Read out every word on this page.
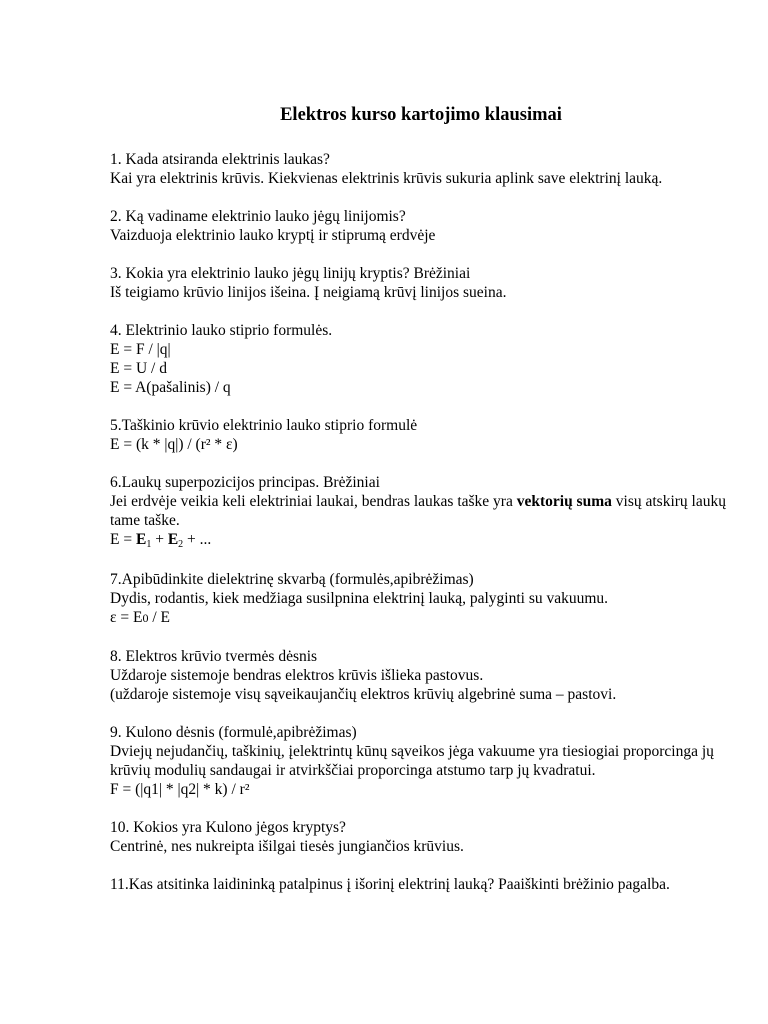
Elektros kurso kartojimo klausimai

1. Kada atsiranda elektrinis laukas?

Kai yra elektrinis krūvis. Kiekvienas elektrinis krūvis sukuria aplink save elektrinį lauką.

2. Ką vadiname elektrinio lauko jėgų linijomis?

Vaizduoja elektrinio lauko kryptį ir stiprumą erdvėje

3. Kokia yra elektrinio lauko jėgų linijų kryptis? Brėžiniai

Iš teigiamo krūvio linijos išeina. Į neigiamą krūvį linijos sueina.

4. Elektrinio lauko stiprio formulės.

E = F / |q|

E = U / d

E = A(pašalinis) / q

5.Taškinio krūvio elektrinio lauko stiprio formulė

E = (k * |q|) / (r² * ε)

6.Laukų superpozicijos principas. Brėžiniai

Jei erdvėje veikia keli elektriniai laukai, bendras laukas taške yra vektorių suma visų atskirų laukų tame taške.

E = E1 + E2 + ...

7.Apibūdinkite dielektrinę skvarbą (formulės,apibrėžimas)

Dydis, rodantis, kiek medžiaga susilpnina elektrinį lauką, palyginti su vakuumu.

ε = E0 / E

8. Elektros krūvio tvermės dėsnis

Uždaroje sistemoje bendras elektros krūvis išlieka pastovus.

(uždaroje sistemoje visų sąveikaujančių elektros krūvių algebrinė suma – pastovi.

9. Kulono dėsnis (formulė,apibrėžimas)

Dviejų nejudančių, taškinių, įelektrintų kūnų sąveikos jėga vakuume yra tiesiogiai proporcinga jų krūvių modulių sandaugai ir atvirkščiai proporcinga atstumo tarp jų kvadratui.

F = (|q1| * |q2| * k) / r²

10. Kokios yra Kulono jėgos kryptys?

Centrinė, nes nukreipta išilgai tiesės jungiančios krūvius.

11.Kas atsitinka laidininką patalpinus į išorinį elektrinį lauką? Paaiškinti brėžinio pagalba.
